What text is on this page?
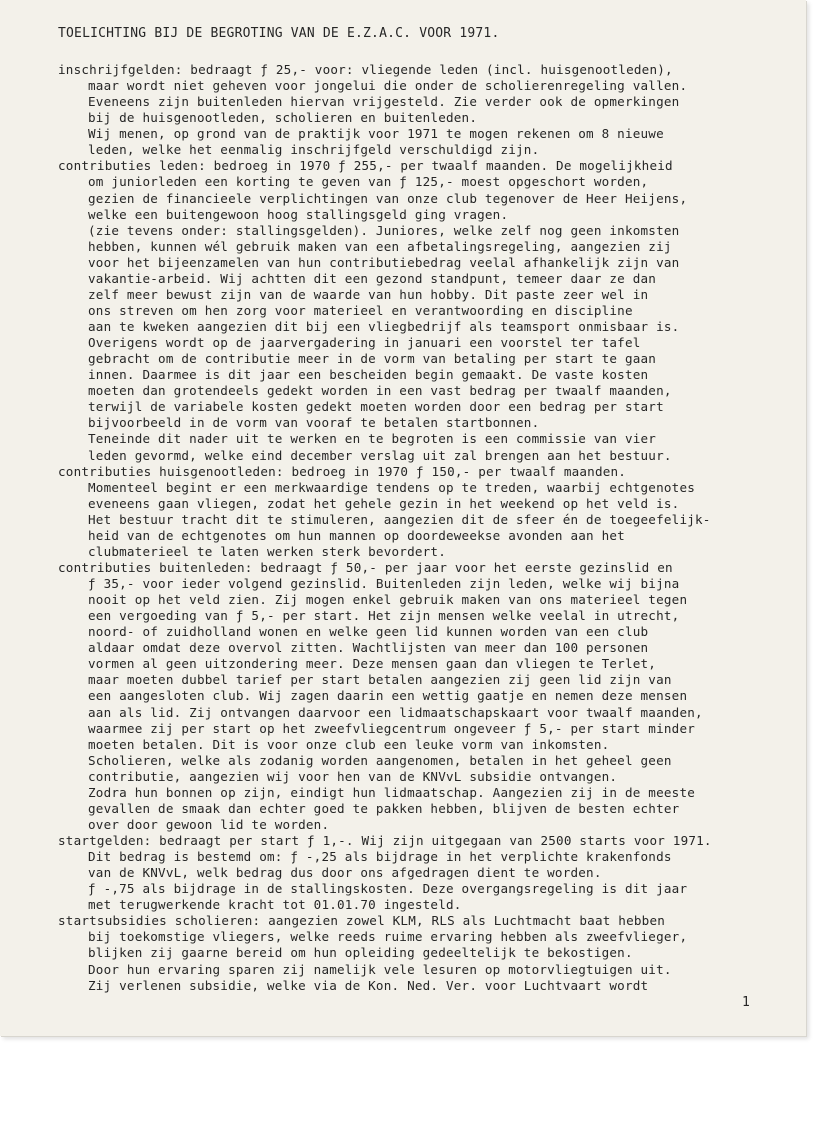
TOELICHTING BIJ DE BEGROTING VAN DE E.Z.A.C. VOOR 1971.
inschrijfgelden: bedraagt ƒ 25,- voor: vliegende leden (incl. huisgenootleden),
maar wordt niet geheven voor jongelui die onder de scholierenregeling vallen.
Eveneens zijn buitenleden hiervan vrijgesteld. Zie verder ook de opmerkingen
bij de huisgenootleden, scholieren en buitenleden.
Wij menen, op grond van de praktijk voor 1971 te mogen rekenen om 8 nieuwe
leden, welke het eenmalig inschrijfgeld verschuldigd zijn.
contributies leden: bedroeg in 1970 ƒ 255,- per twaalf maanden. De mogelijkheid
om juniorleden een korting te geven van ƒ 125,- moest opgeschort worden,
gezien de financieele verplichtingen van onze club tegenover de Heer Heijens,
welke een buitengewoon hoog stallingsgeld ging vragen.
(zie tevens onder: stallingsgelden). Juniores, welke zelf nog geen inkomsten
hebben, kunnen wél gebruik maken van een afbetalingsregeling, aangezien zij
voor het bijeenzamelen van hun contributiebedrag veelal afhankelijk zijn van
vakantie-arbeid. Wij achtten dit een gezond standpunt, temeer daar ze dan
zelf meer bewust zijn van de waarde van hun hobby. Dit paste zeer wel in
ons streven om hen zorg voor materieel en verantwoording en discipline
aan te kweken aangezien dit bij een vliegbedrijf als teamsport onmisbaar is.
Overigens wordt op de jaarvergadering in januari een voorstel ter tafel
gebracht om de contributie meer in de vorm van betaling per start te gaan
innen. Daarmee is dit jaar een bescheiden begin gemaakt. De vaste kosten
moeten dan grotendeels gedekt worden in een vast bedrag per twaalf maanden,
terwijl de variabele kosten gedekt moeten worden door een bedrag per start
bijvoorbeeld in de vorm van vooraf te betalen startbonnen.
Teneinde dit nader uit te werken en te begroten is een commissie van vier
leden gevormd, welke eind december verslag uit zal brengen aan het bestuur.
contributies huisgenootleden: bedroeg in 1970 ƒ 150,- per twaalf maanden.
Momenteel begint er een merkwaardige tendens op te treden, waarbij echtgenotes
eveneens gaan vliegen, zodat het gehele gezin in het weekend op het veld is.
Het bestuur tracht dit te stimuleren, aangezien dit de sfeer én de toegeefelijk-
heid van de echtgenotes om hun mannen op doordeweekse avonden aan het
clubmaterieel te laten werken sterk bevordert.
contributies buitenleden: bedraagt ƒ 50,- per jaar voor het eerste gezinslid en
ƒ 35,- voor ieder volgend gezinslid. Buitenleden zijn leden, welke wij bijna
nooit op het veld zien. Zij mogen enkel gebruik maken van ons materieel tegen
een vergoeding van ƒ 5,- per start. Het zijn mensen welke veelal in utrecht,
noord- of zuidholland wonen en welke geen lid kunnen worden van een club
aldaar omdat deze overvol zitten. Wachtlijsten van meer dan 100 personen
vormen al geen uitzondering meer. Deze mensen gaan dan vliegen te Terlet,
maar moeten dubbel tarief per start betalen aangezien zij geen lid zijn van
een aangesloten club. Wij zagen daarin een wettig gaatje en nemen deze mensen
aan als lid. Zij ontvangen daarvoor een lidmaatschapskaart voor twaalf maanden,
waarmee zij per start op het zweefvliegcentrum ongeveer ƒ 5,- per start minder
moeten betalen. Dit is voor onze club een leuke vorm van inkomsten.
Scholieren, welke als zodanig worden aangenomen, betalen in het geheel geen
contributie, aangezien wij voor hen van de KNVvL subsidie ontvangen.
Zodra hun bonnen op zijn, eindigt hun lidmaatschap. Aangezien zij in de meeste
gevallen de smaak dan echter goed te pakken hebben, blijven de besten echter
over door gewoon lid te worden.
startgelden: bedraagt per start ƒ 1,-. Wij zijn uitgegaan van 2500 starts voor 1971.
Dit bedrag is bestemd om: ƒ -,25 als bijdrage in het verplichte krakenfonds
van de KNVvL, welk bedrag dus door ons afgedragen dient te worden.
ƒ -,75 als bijdrage in de stallingskosten. Deze overgangsregeling is dit jaar
met terugwerkende kracht tot 01.01.70 ingesteld.
startsubsidies scholieren: aangezien zowel KLM, RLS als Luchtmacht baat hebben
bij toekomstige vliegers, welke reeds ruime ervaring hebben als zweefvlieger,
blijken zij gaarne bereid om hun opleiding gedeeltelijk te bekostigen.
Door hun ervaring sparen zij namelijk vele lesuren op motorvliegtuigen uit.
Zij verlenen subsidie, welke via de Kon. Ned. Ver. voor Luchtvaart wordt
1
